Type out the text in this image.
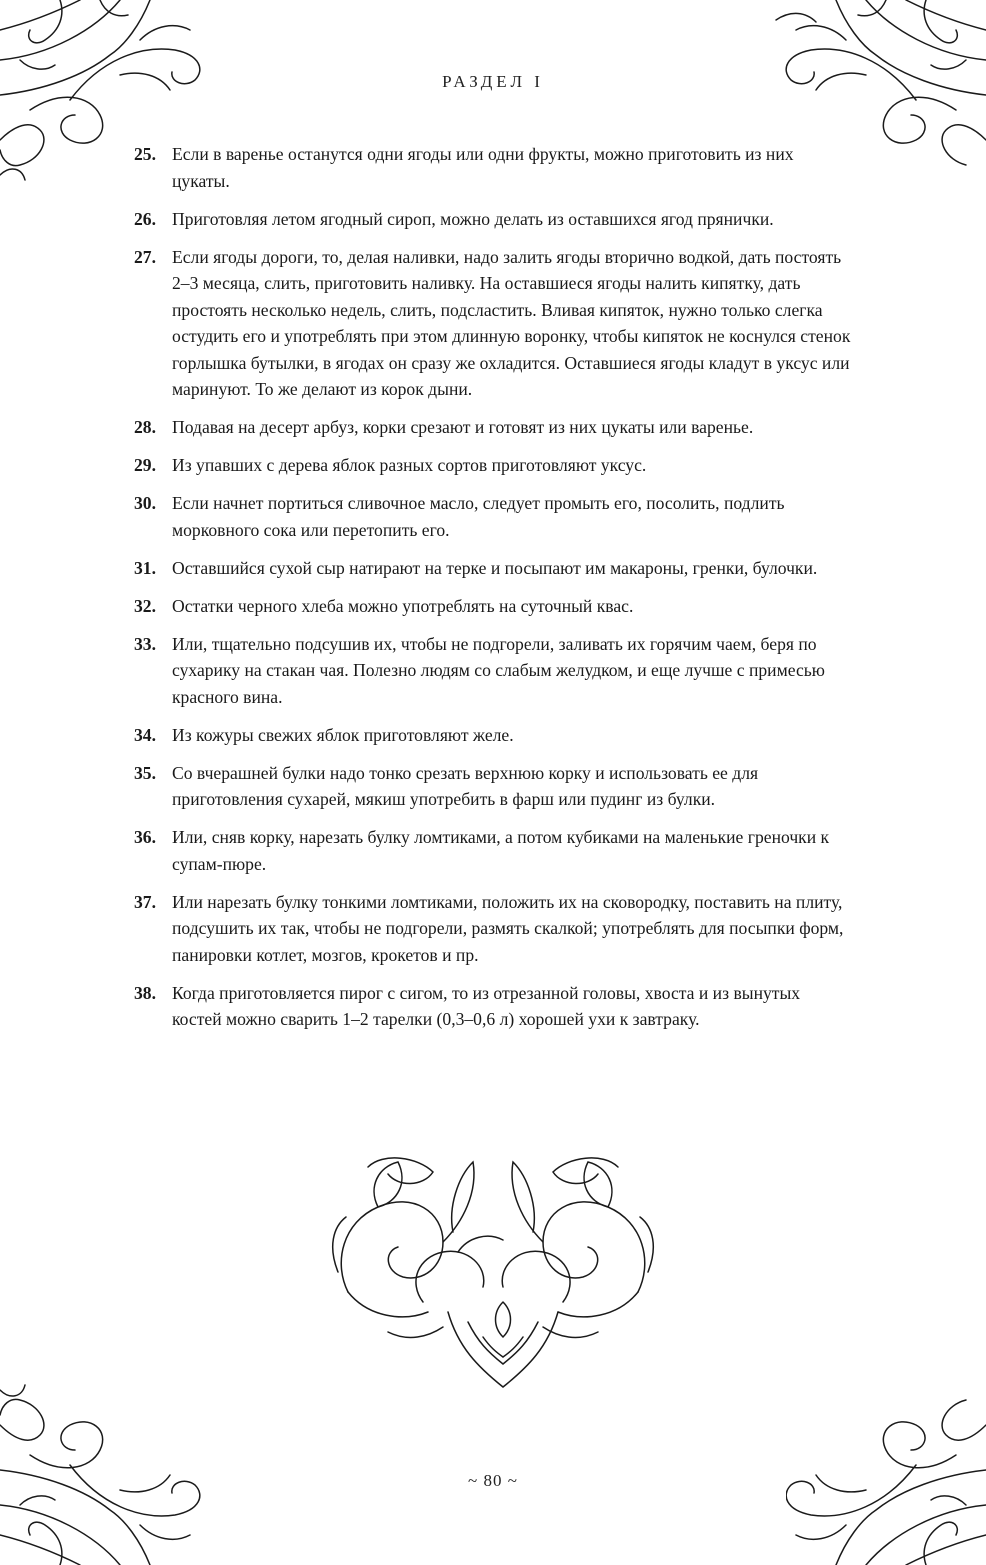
РАЗДЕЛ I
25. Если в варенье останутся одни ягоды или одни фрукты, можно приготовить из них цукаты.
26. Приготовляя летом ягодный сироп, можно делать из оставшихся ягод прянички.
27. Если ягоды дороги, то, делая наливки, надо залить ягоды вторично водкой, дать постоять 2–3 месяца, слить, приготовить наливку. На оставшиеся ягоды налить кипятку, дать простоять несколько недель, слить, подсластить. Вливая кипяток, нужно только слегка остудить его и употреблять при этом длинную воронку, чтобы кипяток не коснулся стенок горлышка бутылки, в ягодах он сразу же охладится. Оставшиеся ягоды кладут в уксус или маринуют. То же делают из корок дыни.
28. Подавая на десерт арбуз, корки срезают и готовят из них цукаты или варенье.
29. Из упавших с дерева яблок разных сортов приготовляют уксус.
30. Если начнет портиться сливочное масло, следует промыть его, посолить, подлить морковного сока или перетопить его.
31. Оставшийся сухой сыр натирают на терке и посыпают им макароны, гренки, булочки.
32. Остатки черного хлеба можно употреблять на суточный квас.
33. Или, тщательно подсушив их, чтобы не подгорели, заливать их горячим чаем, беря по сухарику на стакан чая. Полезно людям со слабым желудком, и еще лучше с примесью красного вина.
34. Из кожуры свежих яблок приготовляют желе.
35. Со вчерашней булки надо тонко срезать верхнюю корку и использовать ее для приготовления сухарей, мякиш употребить в фарш или пудинг из булки.
36. Или, сняв корку, нарезать булку ломтиками, а потом кубиками на маленькие греночки к супам-пюре.
37. Или нарезать булку тонкими ломтиками, положить их на сковородку, поставить на плиту, подсушить их так, чтобы не подгорели, размять скалкой; употреблять для посыпки форм, панировки котлет, мозгов, крокетов и пр.
38. Когда приготовляется пирог с сигом, то из отрезанной головы, хвоста и из вынутых костей можно сварить 1–2 тарелки (0,3–0,6 л) хорошей ухи к завтраку.
~ 80 ~
